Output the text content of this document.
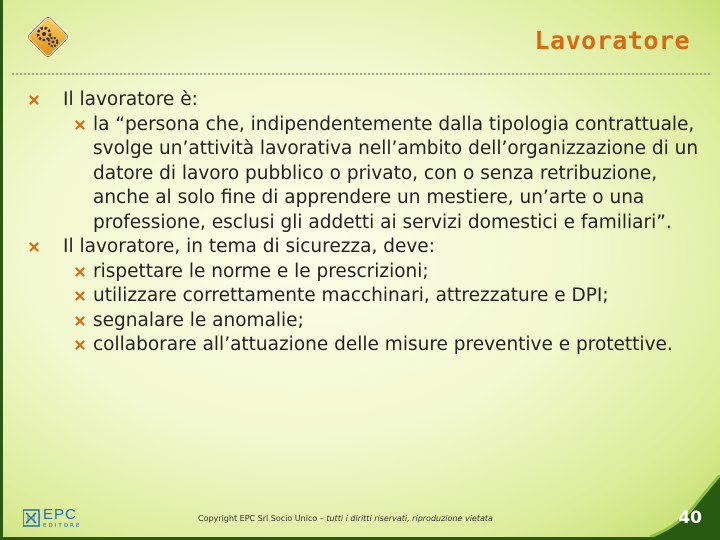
Lavoratore
Il lavoratore è:
la “persona che, indipendentemente dalla tipologia contrattuale, svolge un’attività lavorativa nell’ambito dell’organizzazione di un datore di lavoro pubblico o privato, con o senza retribuzione, anche al solo fine di apprendere un mestiere, un’arte o una professione, esclusi gli addetti ai servizi domestici e familiari”.
Il lavoratore, in tema di sicurezza, deve:
rispettare le norme e le prescrizioni;
utilizzare correttamente macchinari, attrezzature e DPI;
segnalare le anomalie;
collaborare all’attuazione delle misure preventive e protettive.
EPC
EDITORE
Copyright EPC Srl Socio Unico – tutti i diritti riservati, riproduzione vietata	40
